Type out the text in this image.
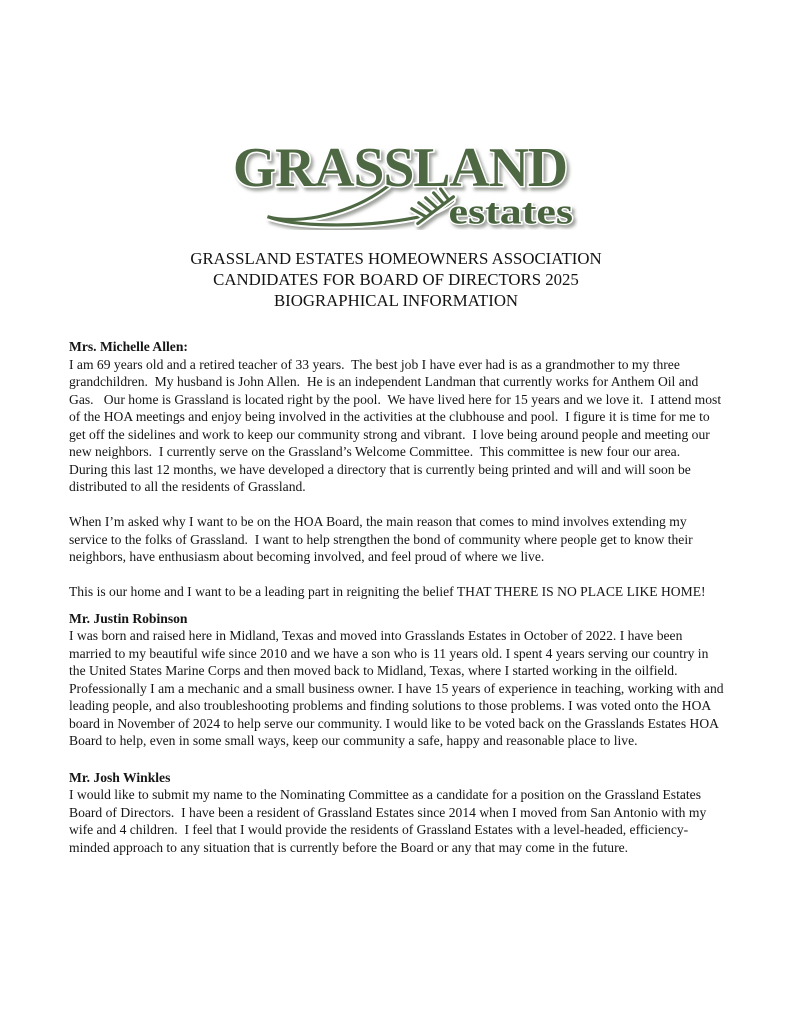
GRASSLAND
estates
GRASSLAND ESTATES HOMEOWNERS ASSOCIATION
CANDIDATES FOR BOARD OF DIRECTORS 2025
BIOGRAPHICAL INFORMATION
Mrs. Michelle Allen:

I am 69 years old and a retired teacher of 33 years.  The best job I have ever had is as a grandmother to my three grandchildren.  My husband is John Allen.  He is an independent Landman that currently works for Anthem Oil and Gas.   Our home is Grassland is located right by the pool.  We have lived here for 15 years and we love it.  I attend most of the HOA meetings and enjoy being involved in the activities at the clubhouse and pool.  I figure it is time for me to get off the sidelines and work to keep our community strong and vibrant.  I love being around people and meeting our new neighbors.  I currently serve on the Grassland’s Welcome Committee.  This committee is new four our area.  During this last 12 months, we have developed a directory that is currently being printed and will and will soon be distributed to all the residents of Grassland.

When I’m asked why I want to be on the HOA Board, the main reason that comes to mind involves extending my service to the folks of Grassland.  I want to help strengthen the bond of community where people get to know their neighbors, have enthusiasm about becoming involved, and feel proud of where we live.

This is our home and I want to be a leading part in reigniting the belief THAT THERE IS NO PLACE LIKE HOME!

Mr. Justin Robinson

I was born and raised here in Midland, Texas and moved into Grasslands Estates in October of 2022. I have been married to my beautiful wife since 2010 and we have a son who is 11 years old. I spent 4 years serving our country in the United States Marine Corps and then moved back to Midland, Texas, where I started working in the oilfield. Professionally I am a mechanic and a small business owner. I have 15 years of experience in teaching, working with and leading people, and also troubleshooting problems and finding solutions to those problems. I was voted onto the HOA board in November of 2024 to help serve our community. I would like to be voted back on the Grasslands Estates HOA Board to help, even in some small ways, keep our community a safe, happy and reasonable place to live.

Mr. Josh Winkles

I would like to submit my name to the Nominating Committee as a candidate for a position on the Grassland Estates Board of Directors.  I have been a resident of Grassland Estates since 2014 when I moved from San Antonio with my wife and 4 children.  I feel that I would provide the residents of Grassland Estates with a level-headed, efficiency-minded approach to any situation that is currently before the Board or any that may come in the future.
